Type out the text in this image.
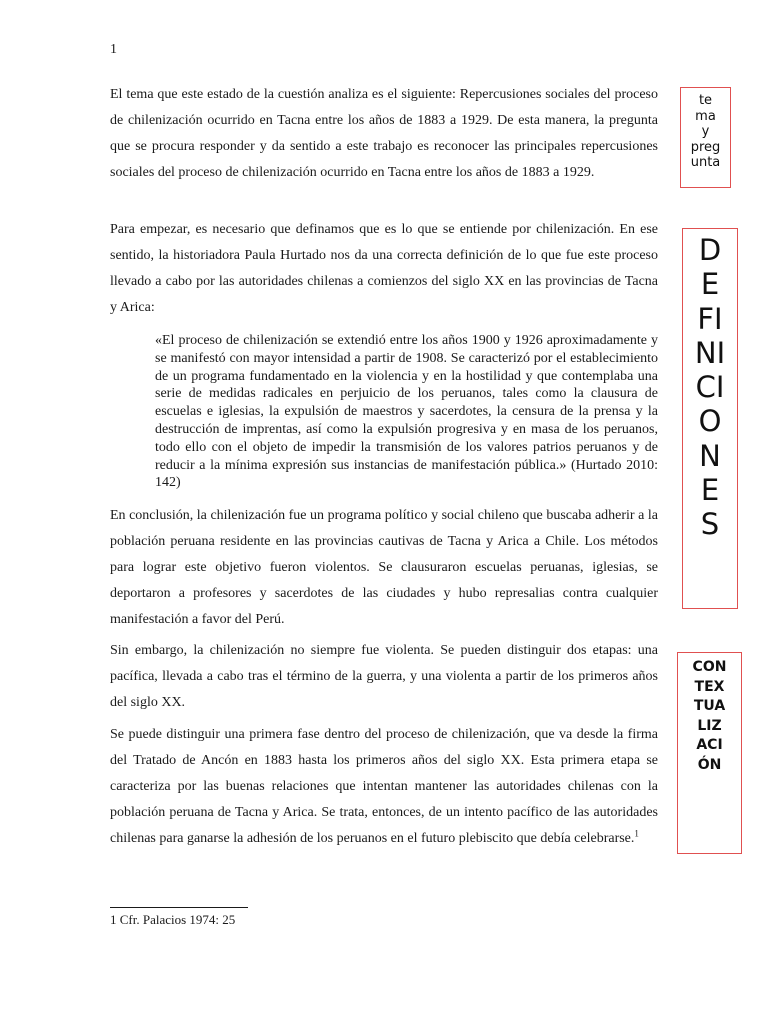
1

El tema que este estado de la cuestión analiza es el siguiente: Repercusiones sociales del proceso de chilenización ocurrido en Tacna entre los años de 1883 a 1929. De esta manera, la pregunta que se procura responder y da sentido a este trabajo es reconocer las principales repercusiones sociales del proceso de chilenización ocurrido en Tacna entre los años de 1883 a 1929.

Para empezar, es necesario que definamos que es lo que se entiende por chilenización. En ese sentido, la historiadora Paula Hurtado nos da una correcta definición de lo que fue este proceso llevado a cabo por las autoridades chilenas a comienzos del siglo XX en las provincias de Tacna y Arica:

«El proceso de chilenización se extendió entre los años 1900 y 1926 aproximadamente y se manifestó con mayor intensidad a partir de 1908. Se caracterizó por el establecimiento de un programa fundamentado en la violencia y en la hostilidad y que contemplaba una serie de medidas radicales en perjuicio de los peruanos, tales como la clausura de escuelas e iglesias, la expulsión de maestros y sacerdotes, la censura de la prensa y la destrucción de imprentas, así como la expulsión progresiva y en masa de los peruanos, todo ello con el objeto de impedir la transmisión de los valores patrios peruanos y de reducir a la mínima expresión sus instancias de manifestación pública.» (Hurtado 2010: 142)

En conclusión, la chilenización fue un programa político y social chileno que buscaba adherir a la población peruana residente en las provincias cautivas de Tacna y Arica a Chile. Los métodos para lograr este objetivo fueron violentos. Se clausuraron escuelas peruanas, iglesias, se deportaron a profesores y sacerdotes de las ciudades y hubo represalias contra cualquier manifestación a favor del Perú.

Sin embargo, la chilenización no siempre fue violenta. Se pueden distinguir dos etapas: una pacífica, llevada a cabo tras el término de la guerra, y una violenta a partir de los primeros años del siglo XX.

Se puede distinguir una primera fase dentro del proceso de chilenización, que va desde la firma del Tratado de Ancón en 1883 hasta los primeros años del siglo XX. Esta primera etapa se caracteriza por las buenas relaciones que intentan mantener las autoridades chilenas con la población peruana de Tacna y Arica. Se trata, entonces, de un intento pacífico de las autoridades chilenas para ganarse la adhesión de los peruanos en el futuro plebiscito que debía celebrarse.$^1$

1 Cfr. Palacios 1974: 25
te
ma
y
preg
unta
D
E
FI
NI
CI
O
N
E
S
CON
TEX
TUA
LIZ
ACI
ÓN
